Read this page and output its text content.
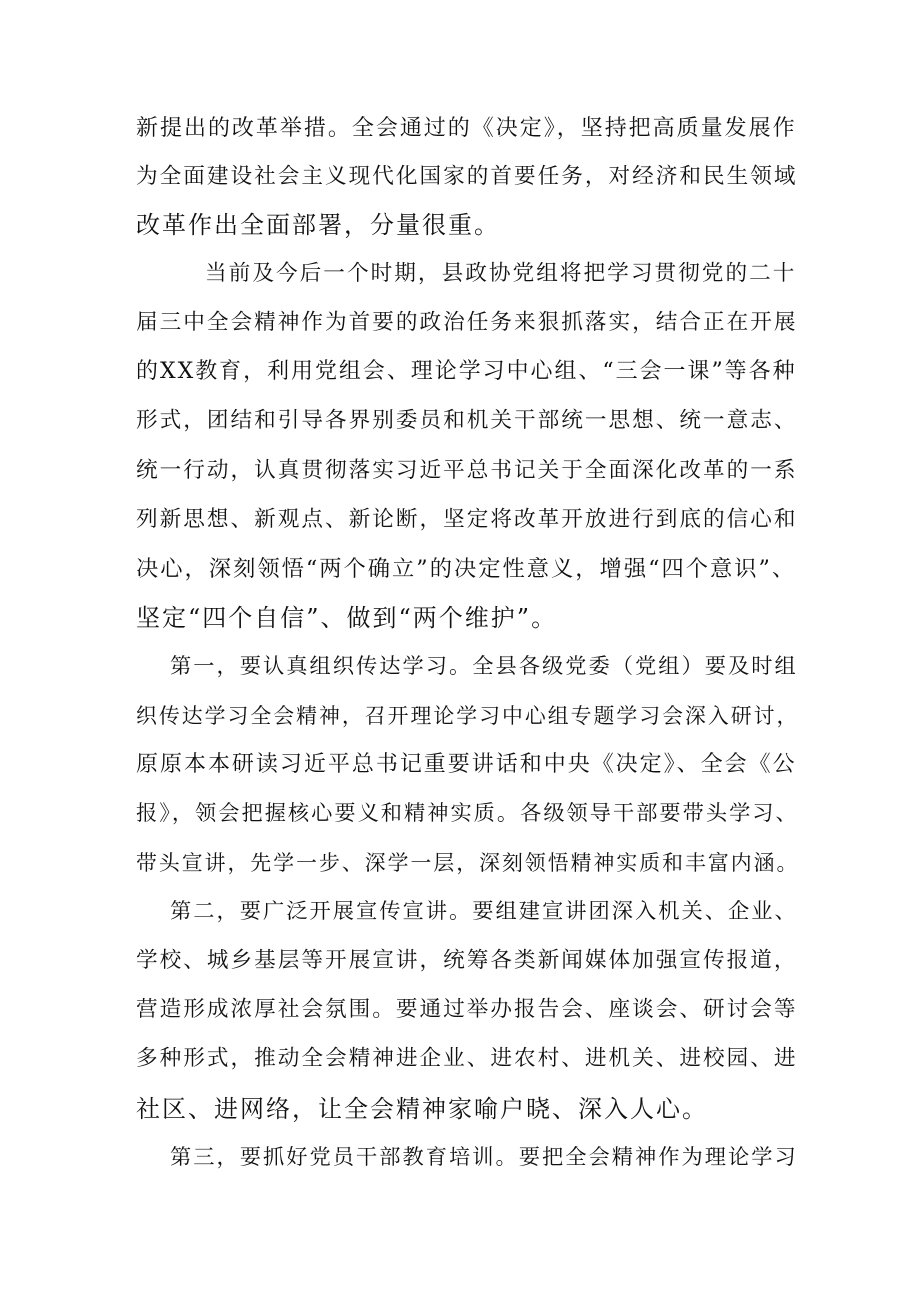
新提出的改革举措。全会通过的《决定》，坚持把高质量发展作
为全面建设社会主义现代化国家的首要任务，对经济和民生领域
改革作出全面部署，分量很重。
当前及今后一个时期，县政协党组将把学习贯彻党的二十
届三中全会精神作为首要的政治任务来狠抓落实，结合正在开展
的XX教育，利用党组会、理论学习中心组、“三会一课”等各种
形式，团结和引导各界别委员和机关干部统一思想、统一意志、
统一行动，认真贯彻落实习近平总书记关于全面深化改革的一系
列新思想、新观点、新论断，坚定将改革开放进行到底的信心和
决心，深刻领悟“两个确立”的决定性意义，增强“四个意识”、
坚定“四个自信”、做到“两个维护”。
第一，要认真组织传达学习。全县各级党委（党组）要及时组
织传达学习全会精神，召开理论学习中心组专题学习会深入研讨，
原原本本研读习近平总书记重要讲话和中央《决定》、全会《公
报》，领会把握核心要义和精神实质。各级领导干部要带头学习、
带头宣讲，先学一步、深学一层，深刻领悟精神实质和丰富内涵。
第二，要广泛开展宣传宣讲。要组建宣讲团深入机关、企业、
学校、城乡基层等开展宣讲，统筹各类新闻媒体加强宣传报道，
营造形成浓厚社会氛围。要通过举办报告会、座谈会、研讨会等
多种形式，推动全会精神进企业、进农村、进机关、进校园、进
社区、进网络，让全会精神家喻户晓、深入人心。
第三，要抓好党员干部教育培训。要把全会精神作为理论学习
